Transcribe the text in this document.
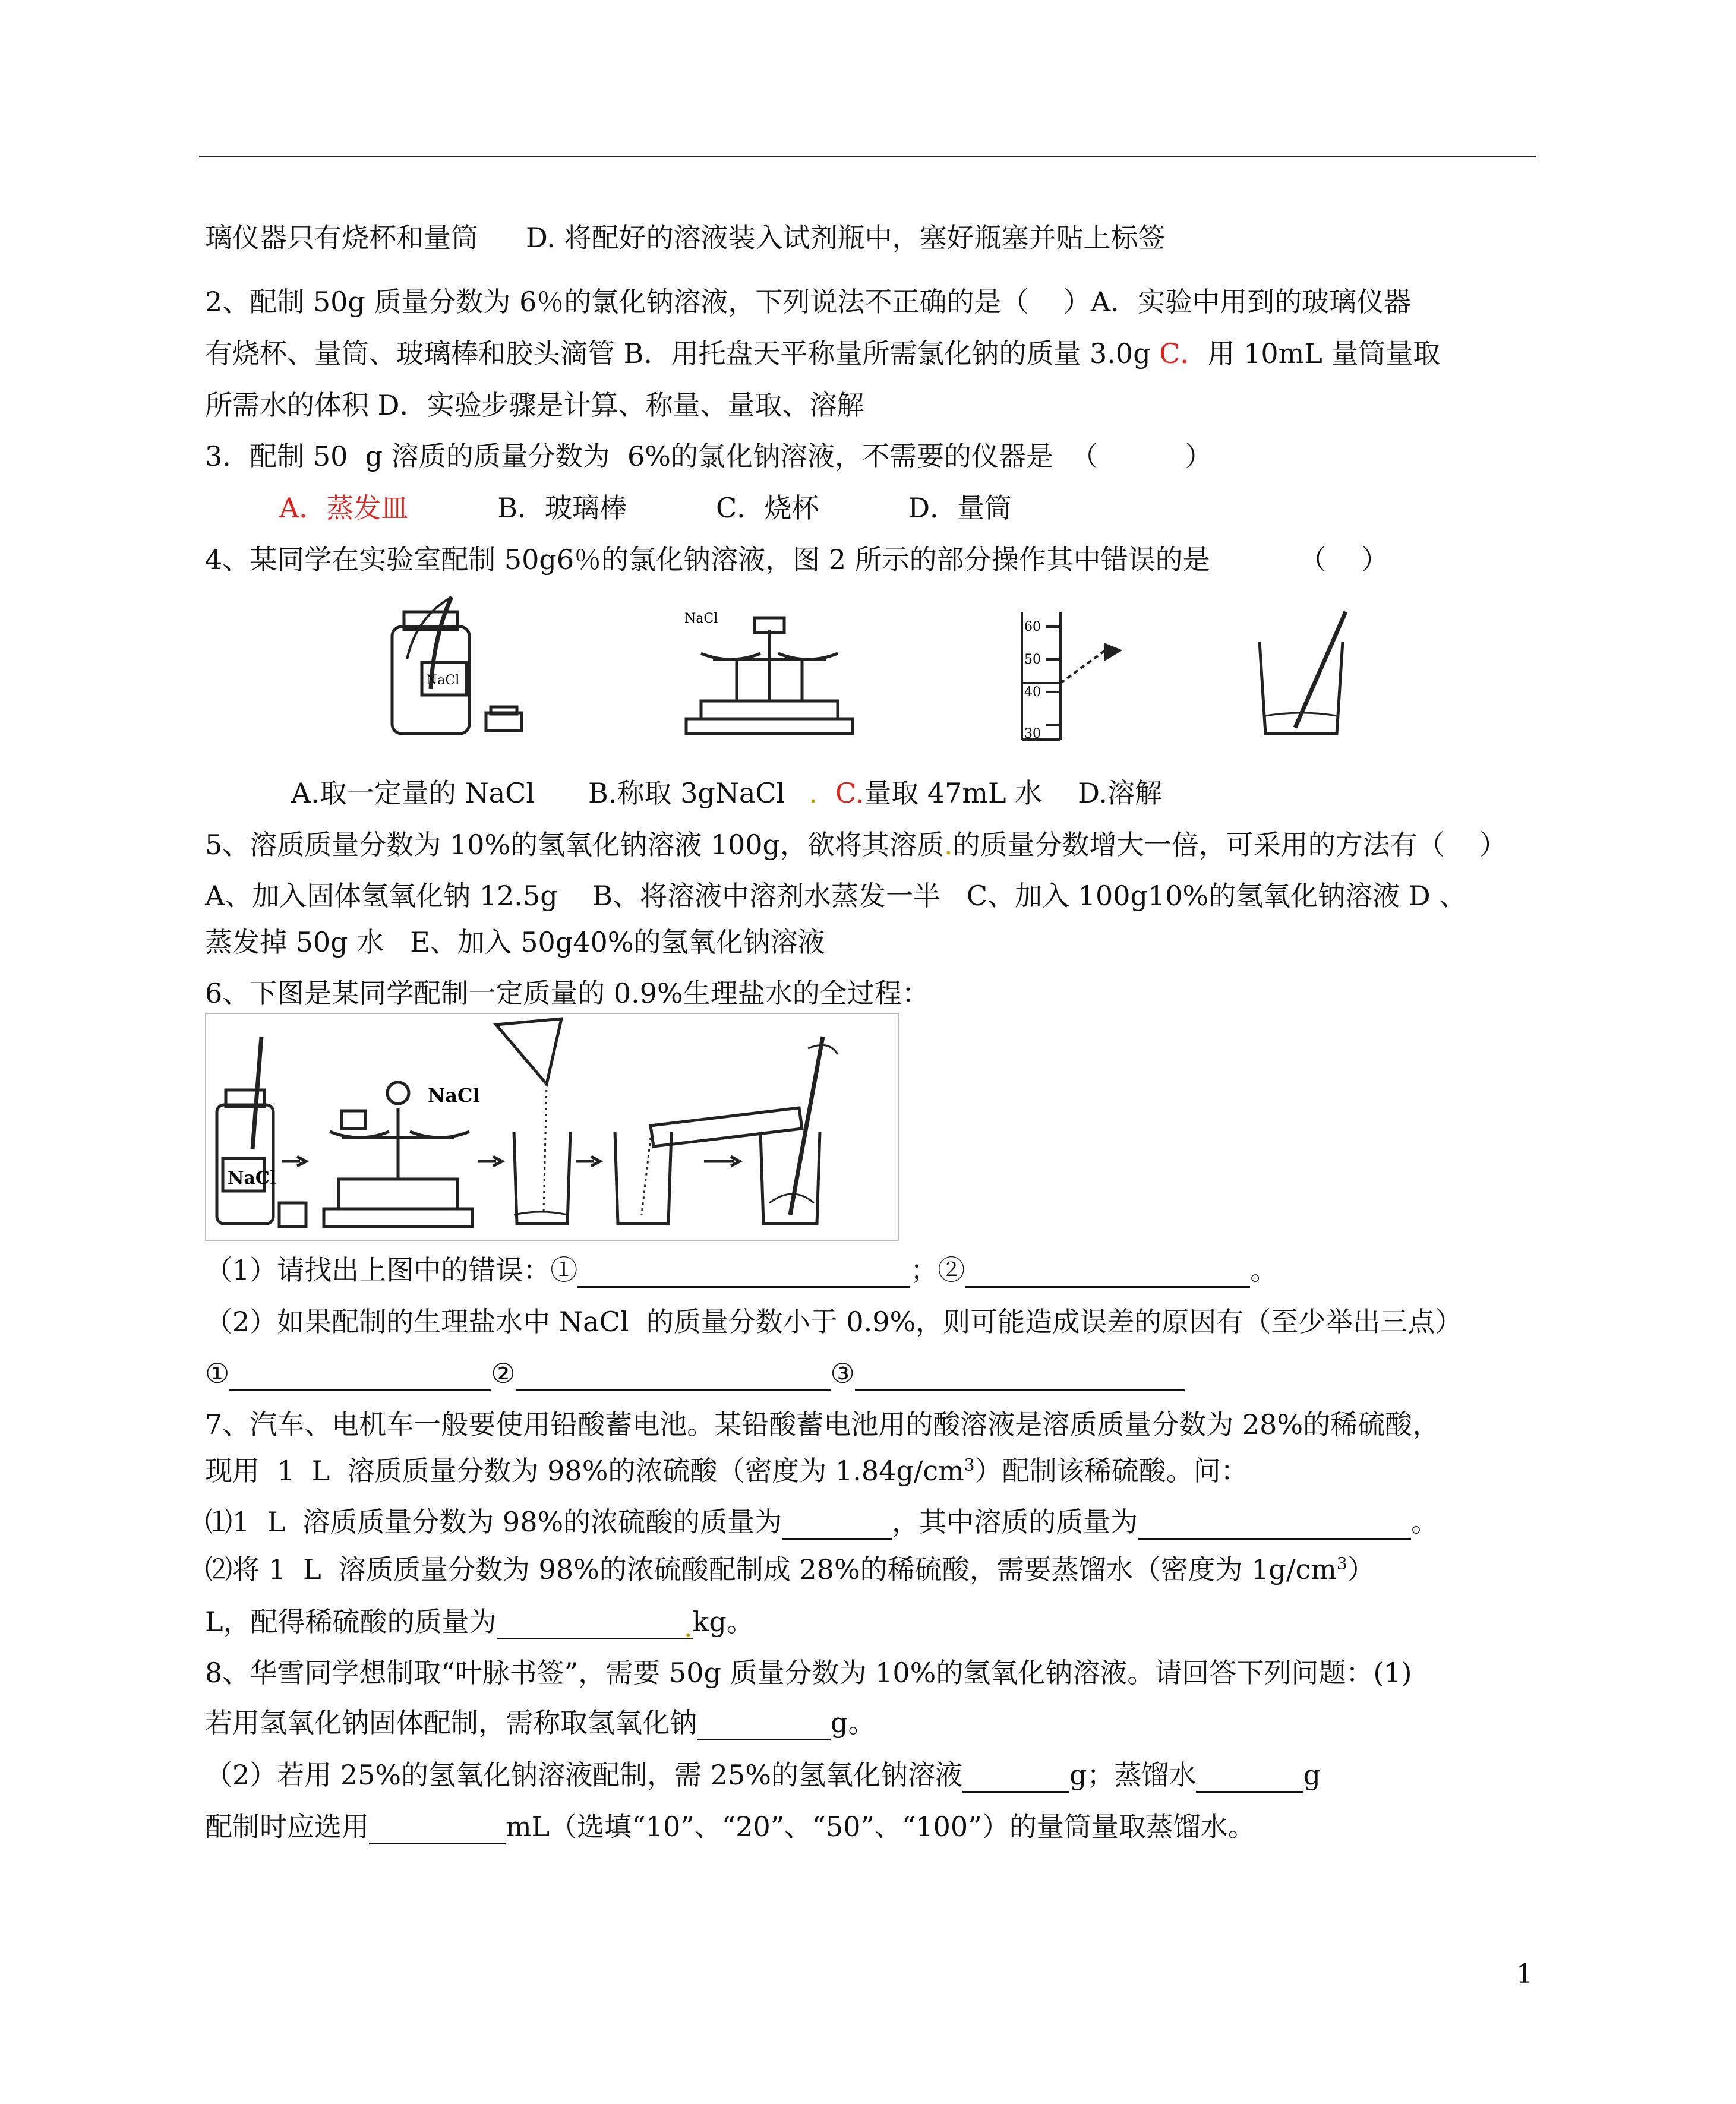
璃仪器只有烧杯和量筒 D. 将配好的溶液装入试剂瓶中，塞好瓶塞并贴上标签
2、配制 50g 质量分数为 6％的氯化钠溶液，下列说法不正确的是（    ）A．实验中用到的玻璃仪器
有烧杯、量筒、玻璃棒和胶头滴管 B．用托盘天平称量所需氯化钠的质量 3.0g C．用 10mL 量筒量取
所需水的体积 D．实验步骤是计算、称量、量取、溶解
3．配制 50  g 溶质的质量分数为  6%的氯化钠溶液，不需要的仪器是  （          ）
A．蒸发皿	B．玻璃棒	C．烧杯	D．量筒
4、某同学在实验室配制 50g6％的氯化钠溶液，图 2 所示的部分操作其中错误的是	（    ）
NaCl
NaCl
60
50
40
30
A.取一定量的 NaCl B.称取 3gNaCl . C.量取 47mL 水 D.溶解
5、溶质质量分数为 10%的氢氧化钠溶液 100g，欲将其溶质.的质量分数增大一倍，可采用的方法有（    ）
A、加入固体氢氧化钠 12.5g    B、将溶液中溶剂水蒸发一半   C、加入 100g10%的氢氧化钠溶液 D 、
蒸发掉 50g 水   E、加入 50g40%的氢氧化钠溶液
6、下图是某同学配制一定质量的 0.9%生理盐水的全过程：
NaCl
NaCl
（1）请找出上图中的错误：①	；②	。
（2）如果配制的生理盐水中 NaCl  的质量分数小于 0.9%，则可能造成误差的原因有（至少举出三点）
①	②	③
7、汽车、电机车一般要使用铅酸蓄电池。某铅酸蓄电池用的酸溶液是溶质质量分数为 28%的稀硫酸，
现用  1  L  溶质质量分数为 98%的浓硫酸（密度为 $1.84g/cm^3$）配制该稀硫酸。问：
⑴1  L  溶质质量分数为 98%的浓硫酸的质量为	，其中溶质的质量为	。
⑵将 1  L  溶质质量分数为 98%的浓硫酸配制成 28%的稀硫酸，需要蒸馏水（密度为 $1g/cm^3$）
L，配得稀硫酸的质量为	.kg。
8、华雪同学想制取“叶脉书签”，需要 50g 质量分数为 10%的氢氧化钠溶液。请回答下列问题：(1)
若用氢氧化钠固体配制，需称取氢氧化钠	g。
（2）若用 25%的氢氧化钠溶液配制，需 25%的氢氧化钠溶液	g；蒸馏水	g
配制时应选用	mL（选填“10”、“20”、“50”、“100”）的量筒量取蒸馏水。
1
